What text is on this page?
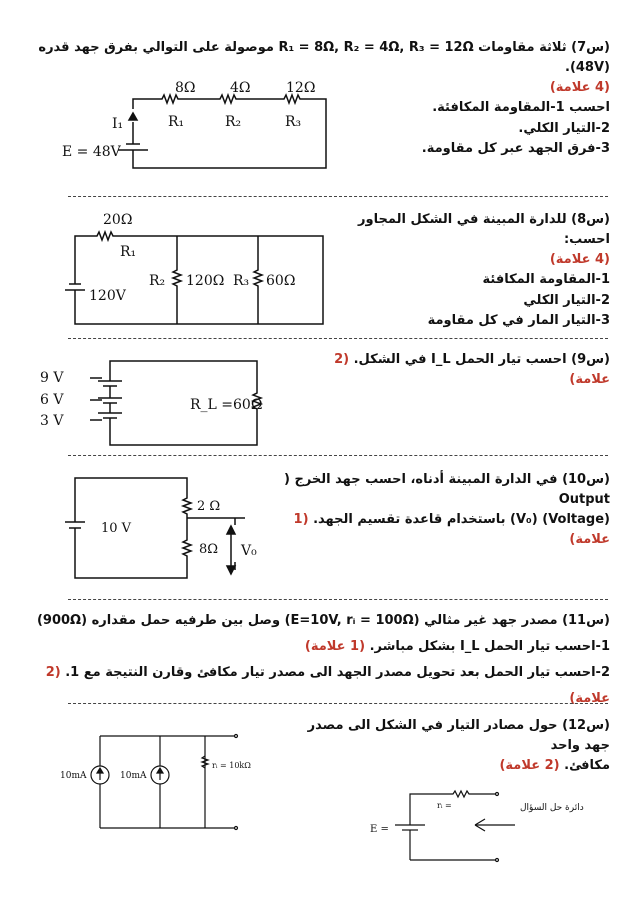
(س7) ثلاثة مقاومات R₁ = 8Ω, R₂ = 4Ω, R₃ = 12Ω موصولة على التوالي بفرق جهد قدره (48V).

(4 علامة)

احسب 1-المقاومة المكافئة.

2-التيار الكلي.

3-فرق الجهد عبر كل مقاومة.

8Ω 4Ω	12Ω
R₁	R₂	R₃
I₁
E = 48V

(س8) للدارة المبينة في الشكل المجاور احسب:

(4 علامة)

1-المقاومة المكافئة

2-التيار الكلي

3-التيار المار في كل مقاومة

20Ω
R₁
R₂ 120Ω R₃ 60Ω
120V

(س9) احسب تيار الحمل I_L في الشكل. (2 علامة)

9 V
6 V
3 V
R_L =60Ω

(س10) في الدارة المبينة أدناه، احسب جهد الخرج ( Output

(Voltage) (V₀) باستخدام قاعدة تقسيم الجهد. (1 علامة)

2 Ω
8Ω
10 V
V₀

(س11) مصدر جهد غير مثالي (E=10V, rᵢ = 100Ω) وصل بين طرفيه حمل مقداره (900Ω)

1-احسب تيار الحمل I_L بشكل مباشر. (1 علامة)

2-احسب تيار الحمل بعد تحويل مصدر الجهد الى مصدر تيار مكافئ وقارن النتيجة مع 1. (2 علامة)

(س12) حول مصادر التيار في الشكل الى مصدر جهد واحد

مكافئ. (2 علامة)

10mA	10mA
rᵢ = 10kΩ
rᵢ =
E =
دائرة حل السؤال
